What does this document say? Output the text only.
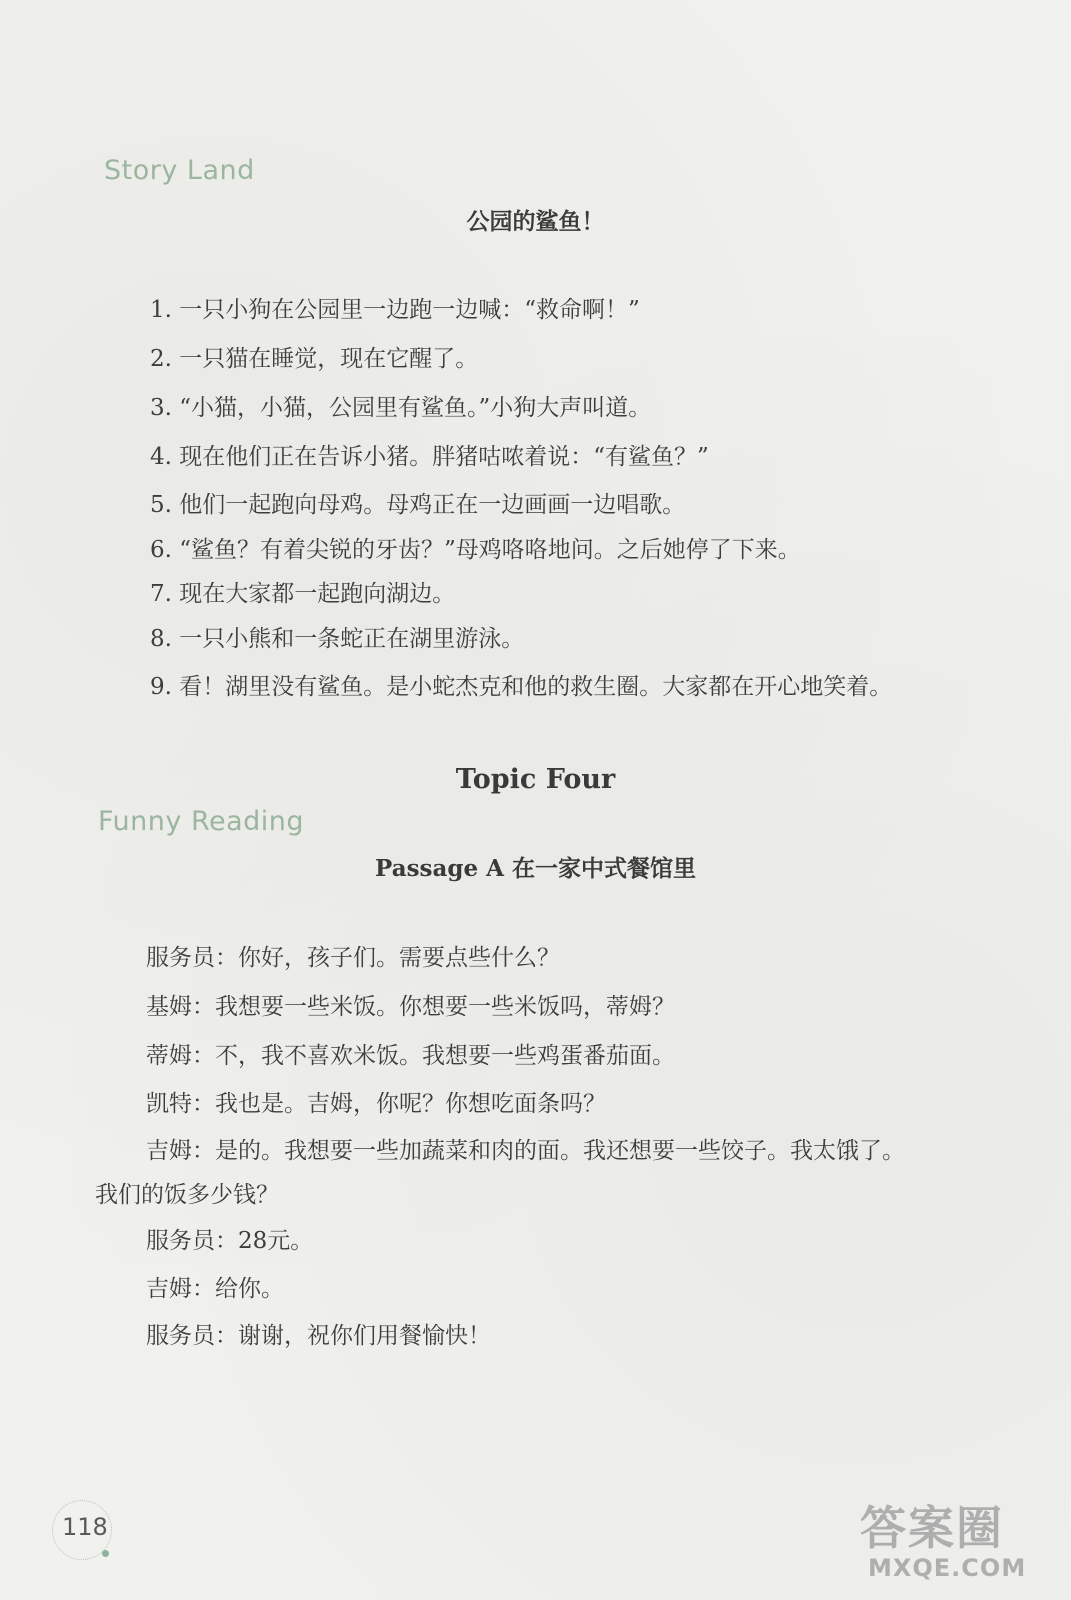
Story Land
公园的鲨鱼！
1. 一只小狗在公园里一边跑一边喊：“救命啊！”
2. 一只猫在睡觉，现在它醒了。
3. “小猫，小猫，公园里有鲨鱼。”小狗大声叫道。
4. 现在他们正在告诉小猪。胖猪咕哝着说：“有鲨鱼？”
5. 他们一起跑向母鸡。母鸡正在一边画画一边唱歌。
6. “鲨鱼？有着尖锐的牙齿？”母鸡咯咯地问。之后她停了下来。
7. 现在大家都一起跑向湖边。
8. 一只小熊和一条蛇正在湖里游泳。
9. 看！湖里没有鲨鱼。是小蛇杰克和他的救生圈。大家都在开心地笑着。
Topic Four
Funny Reading
Passage A 在一家中式餐馆里
服务员：你好，孩子们。需要点些什么？
基姆：我想要一些米饭。你想要一些米饭吗，蒂姆？
蒂姆：不，我不喜欢米饭。我想要一些鸡蛋番茄面。
凯特：我也是。吉姆，你呢？你想吃面条吗？
吉姆：是的。我想要一些加蔬菜和肉的面。我还想要一些饺子。我太饿了。
我们的饭多少钱？
服务员：28元。
吉姆：给你。
服务员：谢谢，祝你们用餐愉快！
118	答案圈
MXQE.COM
